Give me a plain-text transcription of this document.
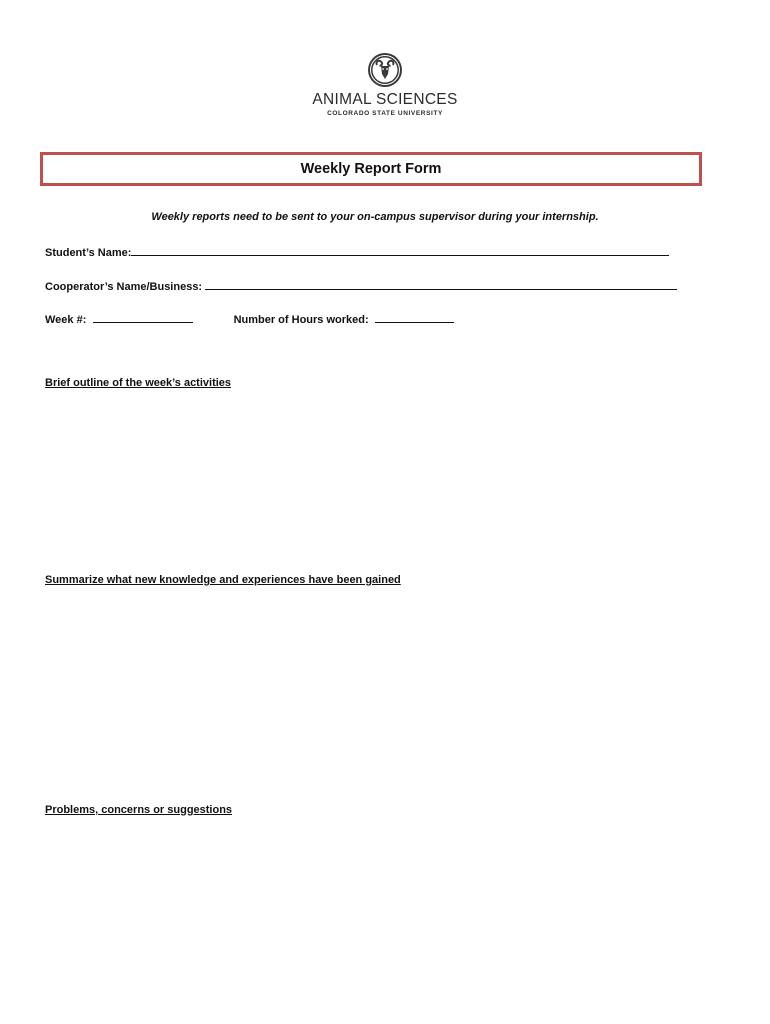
ANIMAL SCIENCES
COLORADO STATE UNIVERSITY
Weekly Report Form
Weekly reports need to be sent to your on-campus supervisor during your internship.
Student’s Name:
Cooperator’s Name/Business:
Week #:	Number of Hours worked:
Brief outline of the week’s activities
Summarize what new knowledge and experiences have been gained
Problems, concerns or suggestions
